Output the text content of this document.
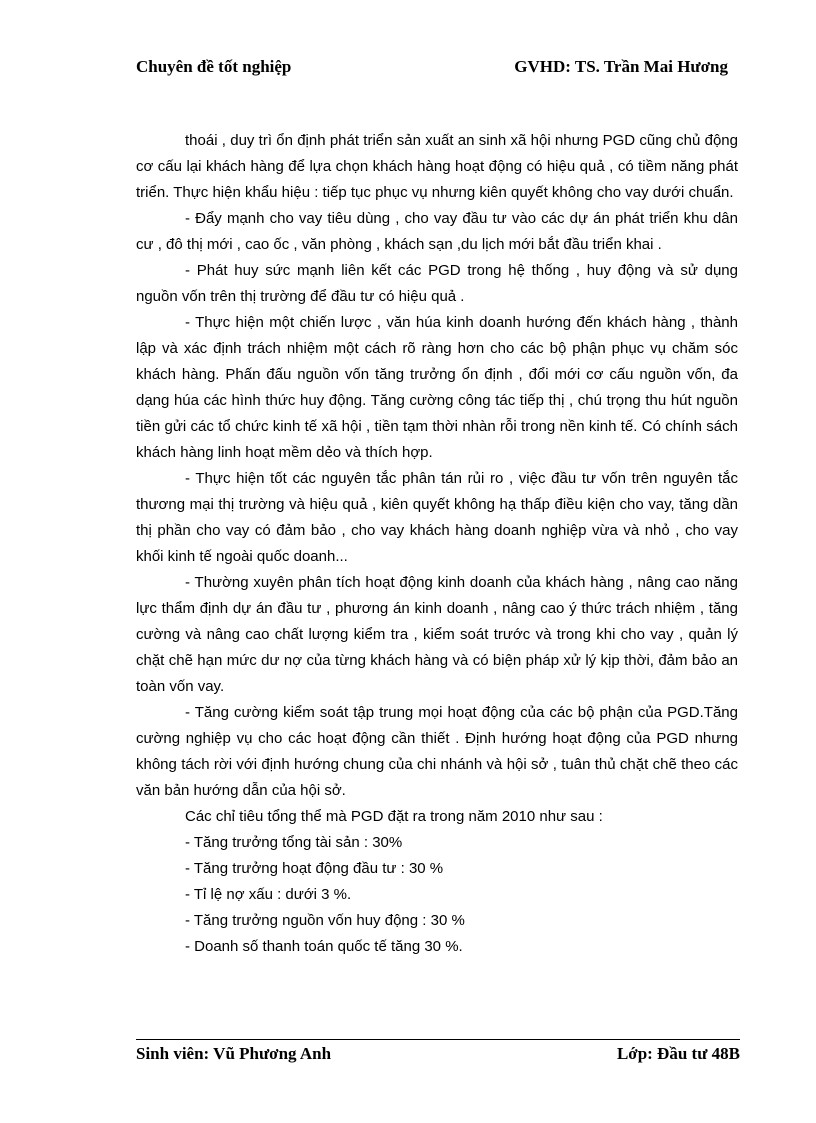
Chuyên đề tốt nghiệp	GVHD: TS. Trần Mai Hương

thoái , duy trì ổn định phát triển sản xuất an sinh xã hội nhưng PGD cũng chủ động cơ cấu lại khách hàng để lựa chọn khách hàng hoạt động có hiệu quả , có tiềm năng phát triển. Thực hiện khẩu hiệu : tiếp tục phục vụ nhưng kiên quyết không cho vay dưới chuẩn.

- Đẩy mạnh cho vay tiêu dùng , cho vay đầu tư vào các dự án phát triển khu dân cư , đô thị mới , cao ốc , văn phòng , khách sạn ,du lịch mới bắt đầu triển khai .

- Phát huy sức mạnh liên kết các PGD trong hệ thống , huy động và sử dụng nguồn vốn trên thị trường để đầu tư có hiệu quả .

- Thực hiện một chiến lược , văn húa kinh doanh hướng đến khách hàng , thành lập và xác định trách nhiệm một cách rõ ràng hơn cho các bộ phận phục vụ chăm sóc khách hàng. Phấn đấu nguồn vốn tăng trưởng ổn định , đổi mới cơ cấu nguồn vốn, đa dạng húa các hình thức huy động. Tăng cường công tác tiếp thị , chú trọng thu hút nguồn tiền gửi các tổ chức kinh tế xã hội , tiền tạm thời nhàn rỗi trong nền kinh tế. Có chính sách khách hàng linh hoạt mềm dẻo và thích hợp.

- Thực hiện tốt các nguyên tắc phân tán rủi ro , việc đầu tư vốn trên nguyên tắc thương mại thị trường và hiệu quả , kiên quyết không hạ thấp điều kiện cho vay, tăng dần thị phần cho vay có đảm bảo , cho vay khách hàng doanh nghiệp vừa và nhỏ , cho vay khối kinh tế ngoài quốc doanh...

- Thường xuyên phân tích hoạt động kinh doanh của khách hàng , nâng cao năng lực thẩm định dự án đầu tư , phương án kinh doanh , nâng cao ý thức trách nhiệm , tăng cường và nâng cao chất lượng kiểm tra , kiểm soát trước và trong khi cho vay , quản lý chặt chẽ hạn mức dư nợ của từng khách hàng và có biện pháp xử lý kịp thời, đảm bảo an toàn vốn vay.

- Tăng cường kiểm soát tập trung mọi hoạt động của các bộ phận của PGD.Tăng cường nghiệp vụ cho các hoạt động cần thiết . Định hướng hoạt động của PGD nhưng không tách rời với định hướng chung của chi nhánh và hội sở , tuân thủ chặt chẽ theo các văn bản hướng dẫn của hội sở.

Các chỉ tiêu tổng thể mà PGD đặt ra trong năm 2010 như sau :

- Tăng trưởng tổng tài sản : 30%

- Tăng trưởng hoạt động đầu tư : 30 %

- Tỉ lệ nợ xấu : dưới 3 %.

- Tăng trưởng nguồn vốn huy động : 30 %

- Doanh số thanh toán quốc tế tăng 30 %.

Sinh viên: Vũ Phương Anh	Lớp: Đầu tư 48B
